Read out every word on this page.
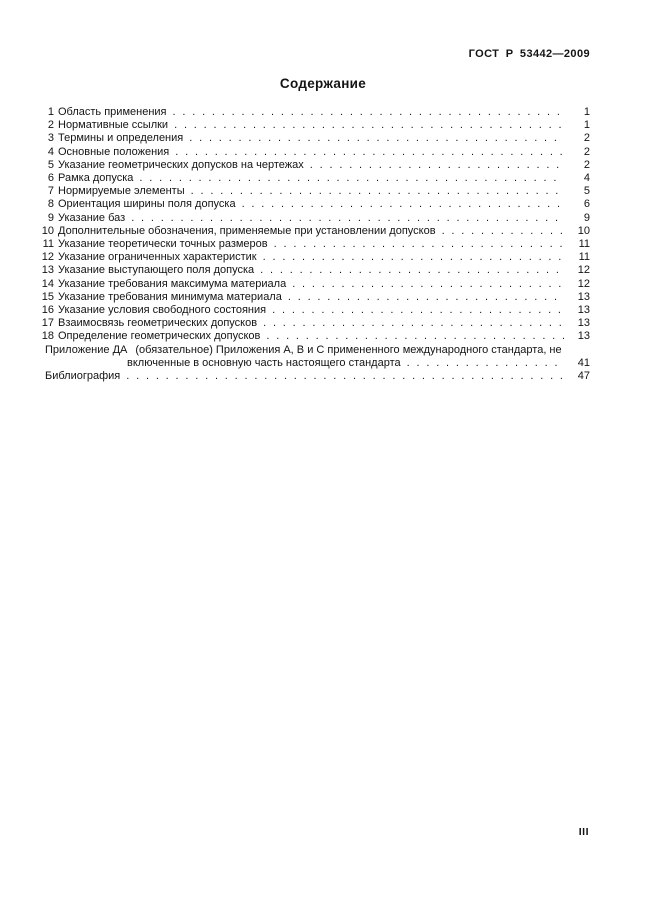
ГОСТ Р 53442—2009
Содержание
1 Область применения .....	1
2 Нормативные ссылки .....	1
3 Термины и определения .....	2
4 Основные положения .....	2
5 Указание геометрических допусков на чертежах .....	2
6 Рамка допуска .....	4
7 Нормируемые элементы .....	5
8 Ориентация ширины поля допуска .....	6
9 Указание баз .....	9
10 Дополнительные обозначения, применяемые при установлении допусков .....	10
11 Указание теоретически точных размеров .....	11
12 Указание ограниченных характеристик .....	11
13 Указание выступающего поля допуска .....	12
14 Указание требования максимума материала .....	12
15 Указание требования минимума материала .....	13
16 Указание условия свободного состояния .....	13
17 Взаимосвязь геометрических допусков .....	13
18 Определение геометрических допусков .....	13
Приложение ДА (обязательное) Приложения А, В и С примененного международного стандарта, не
включенные в основную часть настоящего стандарта .....	41
Библиография .....	47
III
